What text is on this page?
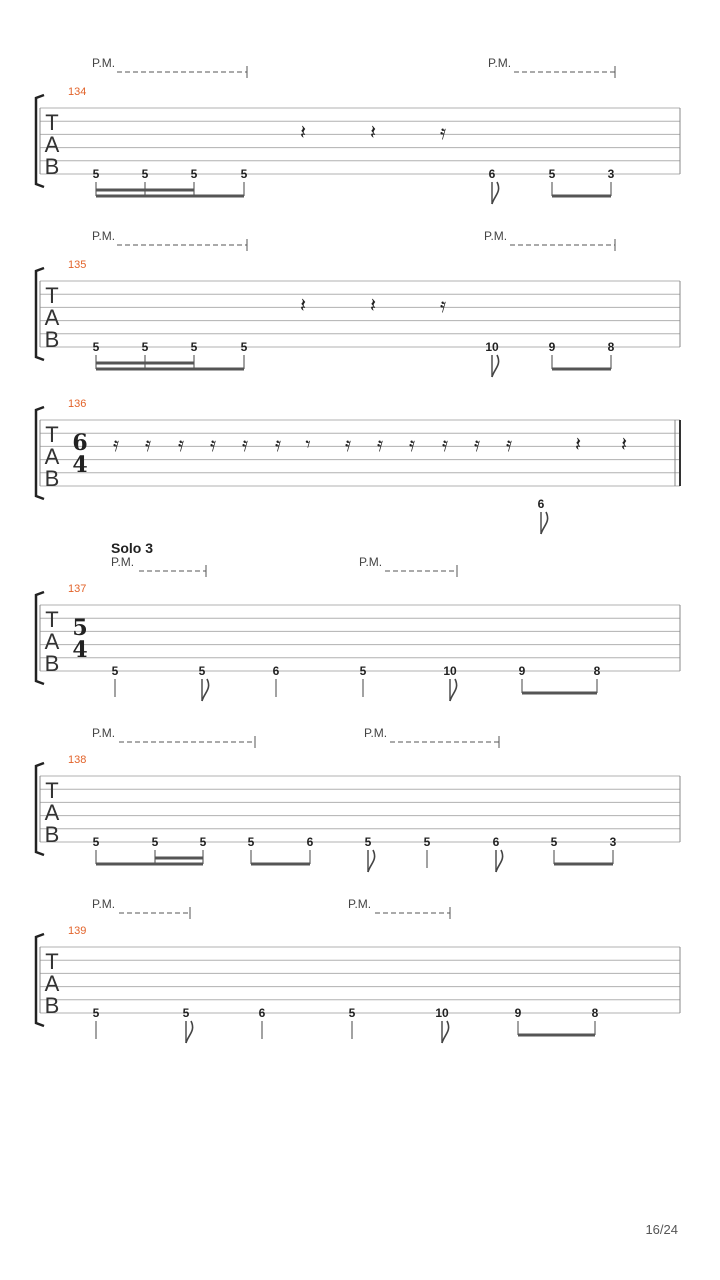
T
A
B
134
P.M.	P.M.
5	5	5	5	6	5	3
𝄽	𝄽	𝄿
T
A
B
135
P.M.	P.M.
5	5	5	5	10	9	8
𝄽	𝄽	𝄿
T
A
B
136
6
4
6
𝄿 𝄿 𝄿 𝄿 𝄿 𝄿 𝄾 𝄿 𝄿 𝄿 𝄿 𝄿 𝄿	𝄽 𝄽
T
A
B
137
5
4
Solo 3
P.M.	P.M.
5	5	6	5	10	9	8
T
A
B
138
P.M.	P.M.
5	5	5	5	6	5	5	6	5	3
T
A
B
139
P.M.	P.M.
5	5	6	5	10	9	8
16/24
